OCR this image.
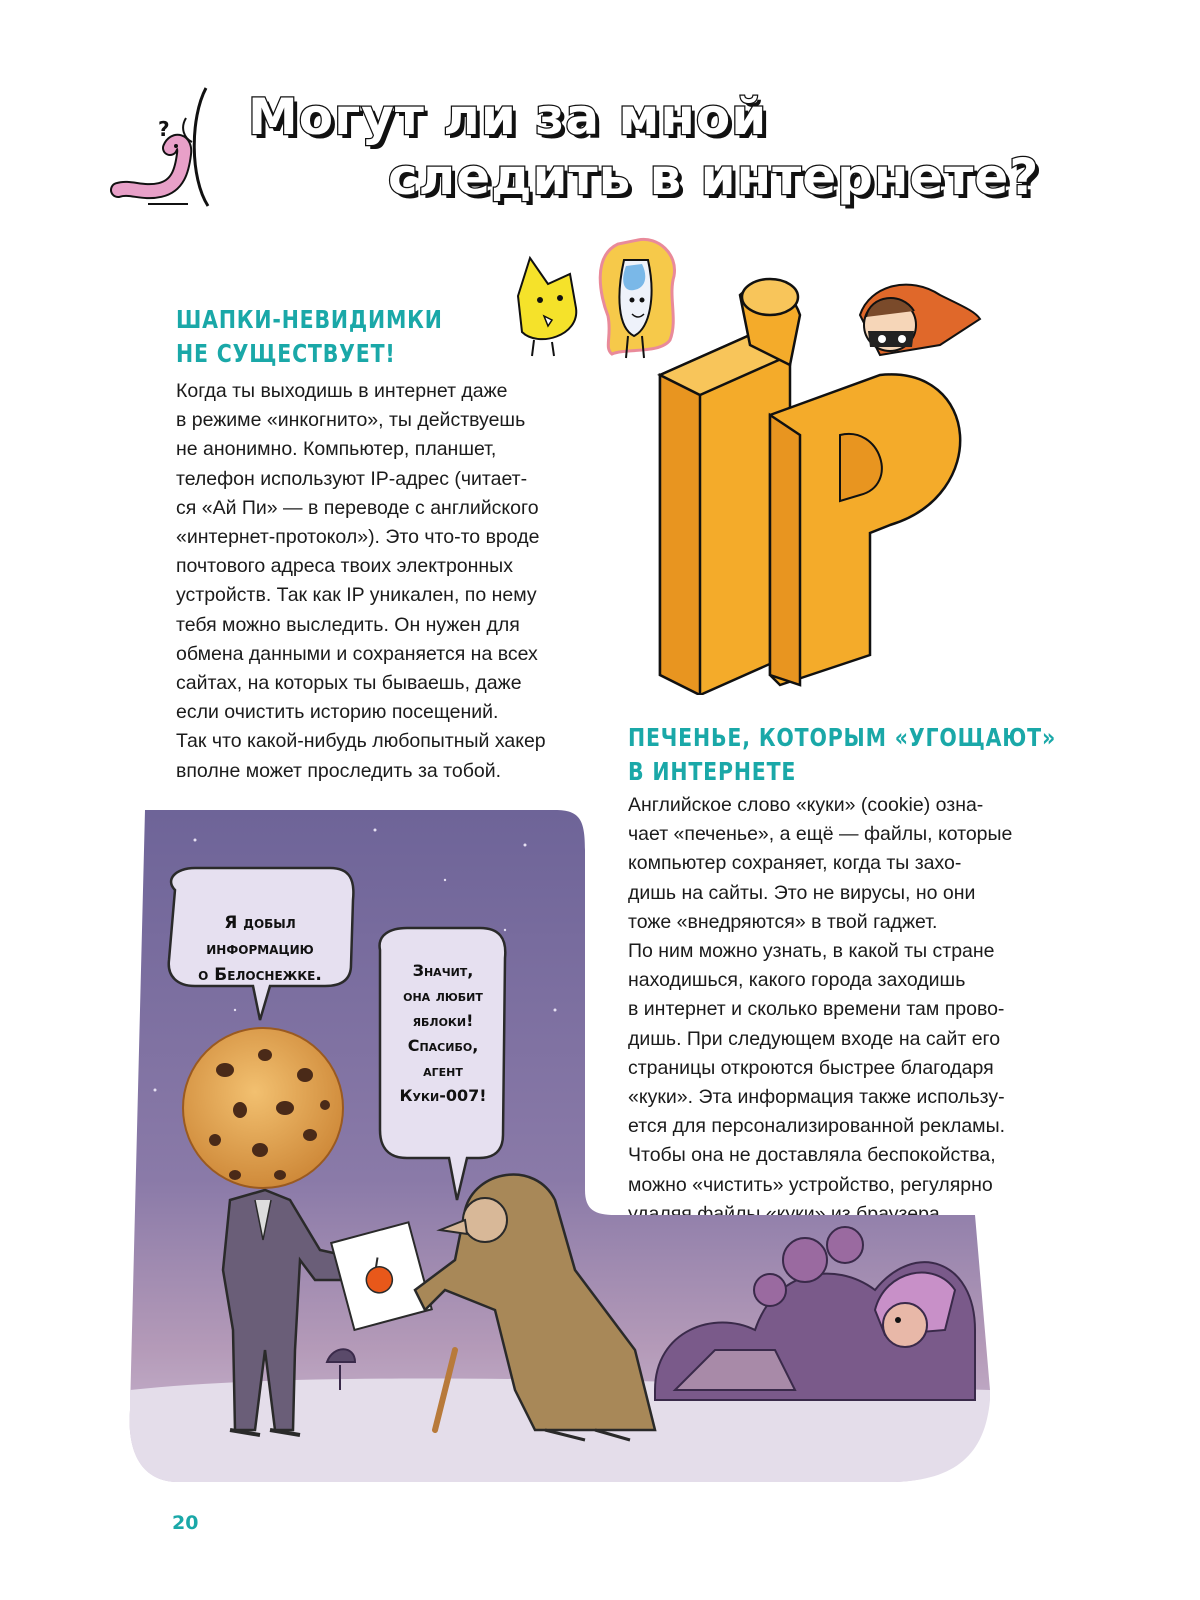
? Могут ли за мной
следить в интернете?
ШАПКИ-НЕВИДИМКИ
НЕ СУЩЕСТВУЕТ!
Когда ты выходишь в интернет даже
в режиме «инкогнито», ты действуешь
не анонимно. Компьютер, планшет,
телефон используют IP-адрес (читает-
ся «Ай Пи» — в переводе с английского
«интернет-протокол»). Это что-то вроде
почтового адреса твоих электронных
устройств. Так как IP уникален, по нему
тебя можно выследить. Он нужен для
обмена данными и сохраняется на всех
сайтах, на которых ты бываешь, даже
если очистить историю посещений.
Так что какой-нибудь любопытный хакер
вполне может проследить за тобой.
ПЕЧЕНЬЕ, КОТОРЫМ «УГОЩАЮТ»
В ИНТЕРНЕТЕ
Английское слово «куки» (cookie) озна-
чает «печенье», а ещё — файлы, которые
компьютер сохраняет, когда ты захо-
дишь на сайты. Это не вирусы, но они
тоже «внедряются» в твой гаджет.
По ним можно узнать, в какой ты стране
находишься, какого города заходишь
в интернет и сколько времени там прово-
дишь. При следующем входе на сайт его
страницы откроются быстрее благодаря
«куки». Эта информация также использу-
ется для персонализированной рекламы.
Чтобы она не доставляла беспокойства,
можно «чистить» устройство, регулярно
удаляя файлы «куки» из браузера.
Я добыл
информацию
о Белоснежке.	Значит,
она любит
яблоки!
Спасибо,
агент
Куки-007!
20
